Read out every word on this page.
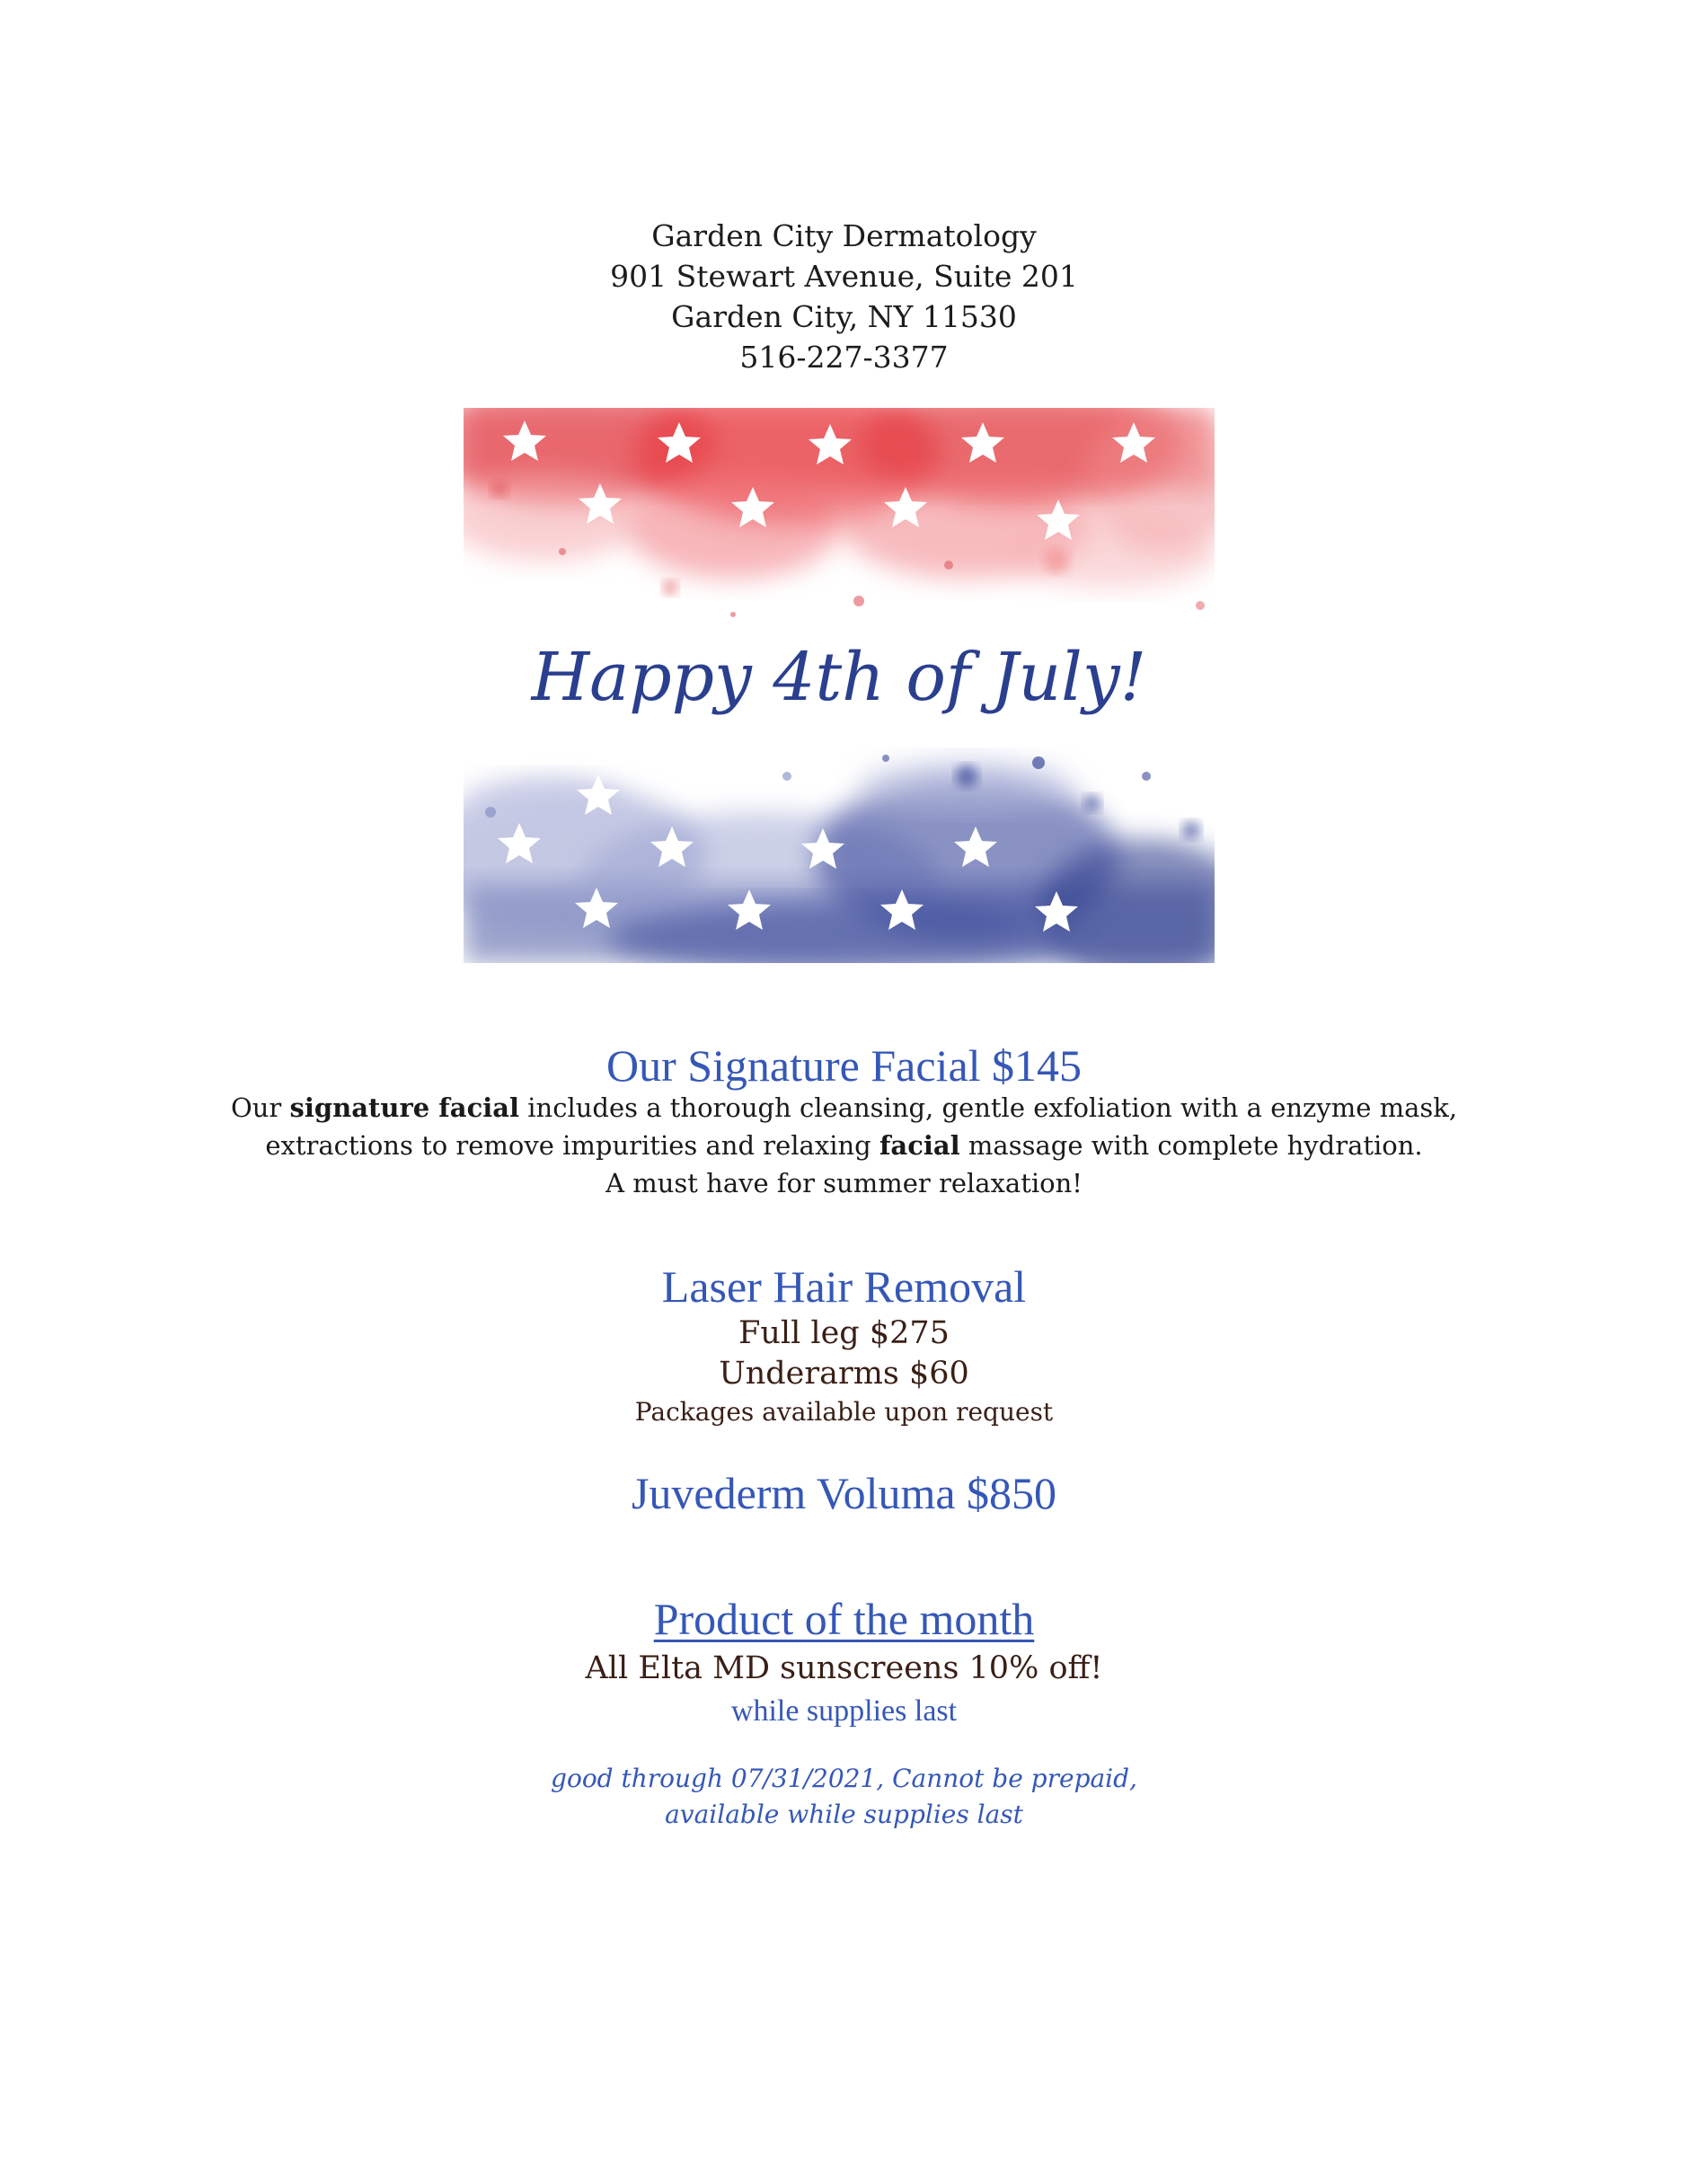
Garden City Dermatology
901 Stewart Avenue, Suite 201
Garden City, NY 11530
516-227-3377
Happy 4th of July!
Our Signature Facial $145
Our signature facial includes a thorough cleansing, gentle exfoliation with a enzyme mask,
extractions to remove impurities and relaxing facial massage with complete hydration.
A must have for summer relaxation!
Laser Hair Removal
Full leg $275
Underarms $60
Packages available upon request
Juvederm Voluma $850
Product of the month
All Elta MD sunscreens 10% off!
while supplies last
good through 07/31/2021, Cannot be prepaid,
available while supplies last
